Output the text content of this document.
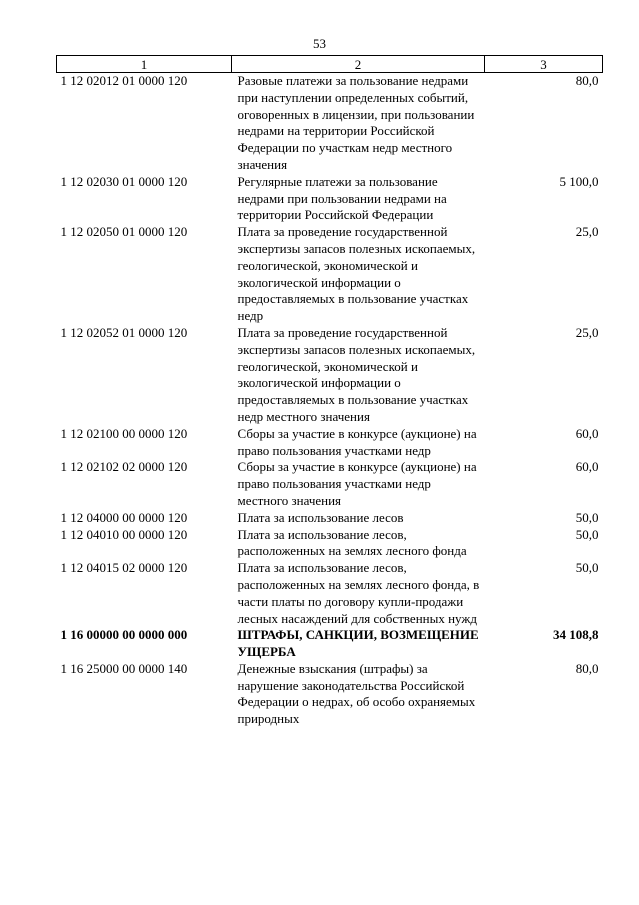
53
1	2	3
1 12 02012 01 0000 120	Разовые платежи за пользование недрами при наступлении определенных событий, оговоренных в лицензии, при пользовании недрами на территории Российской Федерации по участкам недр местного значения	80,0
1 12 02030 01 0000 120	Регулярные платежи за пользование недрами при пользовании недрами на территории Российской Федерации	5 100,0
1 12 02050 01 0000 120	Плата за проведение государственной экспертизы запасов полезных ископаемых, геологической, экономической и экологической информации о предоставляемых в пользование участках недр	25,0
1 12 02052 01 0000 120	Плата за проведение государственной экспертизы запасов полезных ископаемых, геологической, экономической и экологической информации о предоставляемых в пользование участках недр местного значения	25,0
1 12 02100 00 0000 120	Сборы за участие в конкурсе (аукционе) на право пользования участками недр	60,0
1 12 02102 02 0000 120	Сборы за участие в конкурсе (аукционе) на право пользования участками недр местного значения	60,0
1 12 04000 00 0000 120	Плата за использование лесов	50,0
1 12 04010 00 0000 120	Плата за использование лесов, расположенных на землях лесного фонда	50,0
1 12 04015 02 0000 120	Плата за использование лесов, расположенных на землях лесного фонда, в части платы по договору купли-продажи лесных насаждений для собственных нужд	50,0
1 16 00000 00 0000 000	ШТРАФЫ, САНКЦИИ, ВОЗМЕЩЕНИЕ УЩЕРБА	34 108,8
1 16 25000 00 0000 140	Денежные взыскания (штрафы) за нарушение законодательства Российской Федерации о недрах, об особо охраняемых природных	80,0
